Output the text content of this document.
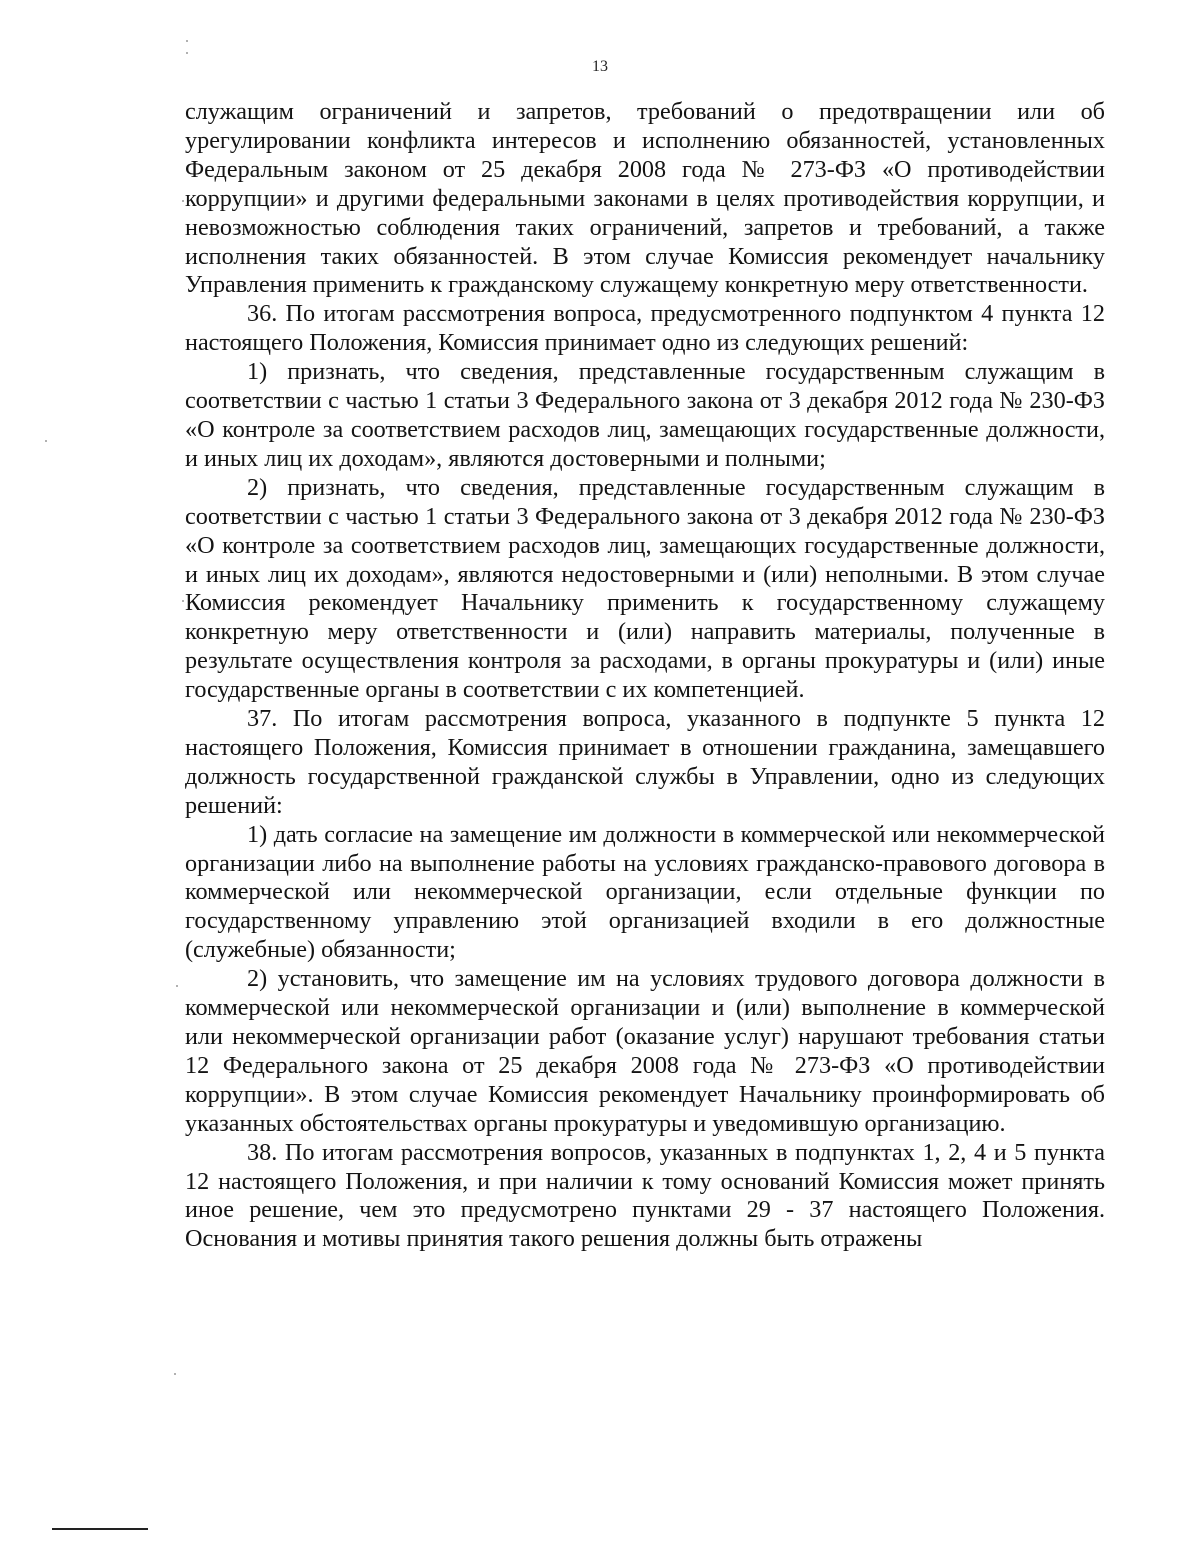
13

служащим ограничений и запретов, требований о предотвращении или об урегулировании конфликта интересов и исполнению обязанностей, установленных Федеральным законом от 25 декабря 2008 года № 273-ФЗ «О противодействии коррупции» и другими федеральными законами в целях противодействия коррупции, и невозможностью соблюдения таких ограничений, запретов и требований, а также исполнения таких обязанностей. В этом случае Комиссия рекомендует начальнику Управления применить к гражданскому служащему конкретную меру ответственности.

36. По итогам рассмотрения вопроса, предусмотренного подпунктом 4 пункта 12 настоящего Положения, Комиссия принимает одно из следующих решений:

1) признать, что сведения, представленные государственным служащим в соответствии с частью 1 статьи 3 Федерального закона от 3 декабря 2012 года № 230-ФЗ «О контроле за соответствием расходов лиц, замещающих государственные должности, и иных лиц их доходам», являются достоверными и полными;

2) признать, что сведения, представленные государственным служащим в соответствии с частью 1 статьи 3 Федерального закона от 3 декабря 2012 года № 230-ФЗ «О контроле за соответствием расходов лиц, замещающих государственные должности, и иных лиц их доходам», являются недостоверными и (или) неполными. В этом случае Комиссия рекомендует Начальнику применить к государственному служащему конкретную меру ответственности и (или) направить материалы, полученные в результате осуществления контроля за расходами, в органы прокуратуры и (или) иные государственные органы в соответствии с их компетенцией.

37. По итогам рассмотрения вопроса, указанного в подпункте 5 пункта 12 настоящего Положения, Комиссия принимает в отношении гражданина, замещавшего должность государственной гражданской службы в Управлении, одно из следующих решений:

1) дать согласие на замещение им должности в коммерческой или некоммерческой организации либо на выполнение работы на условиях гражданско-правового договора в коммерческой или некоммерческой организации, если отдельные функции по государственному управлению этой организацией входили в его должностные (служебные) обязанности;

2) установить, что замещение им на условиях трудового договора должности в коммерческой или некоммерческой организации и (или) выполнение в коммерческой или некоммерческой организации работ (оказание услуг) нарушают требования статьи 12 Федерального закона от 25 декабря 2008 года № 273-ФЗ «О противодействии коррупции». В этом случае Комиссия рекомендует Начальнику проинформировать об указанных обстоятельствах органы прокуратуры и уведомившую организацию.

38. По итогам рассмотрения вопросов, указанных в подпунктах 1, 2, 4 и 5 пункта 12 настоящего Положения, и при наличии к тому оснований Комиссия может принять иное решение, чем это предусмотрено пунктами 29 - 37 настоящего Положения. Основания и мотивы принятия такого решения должны быть отражены
